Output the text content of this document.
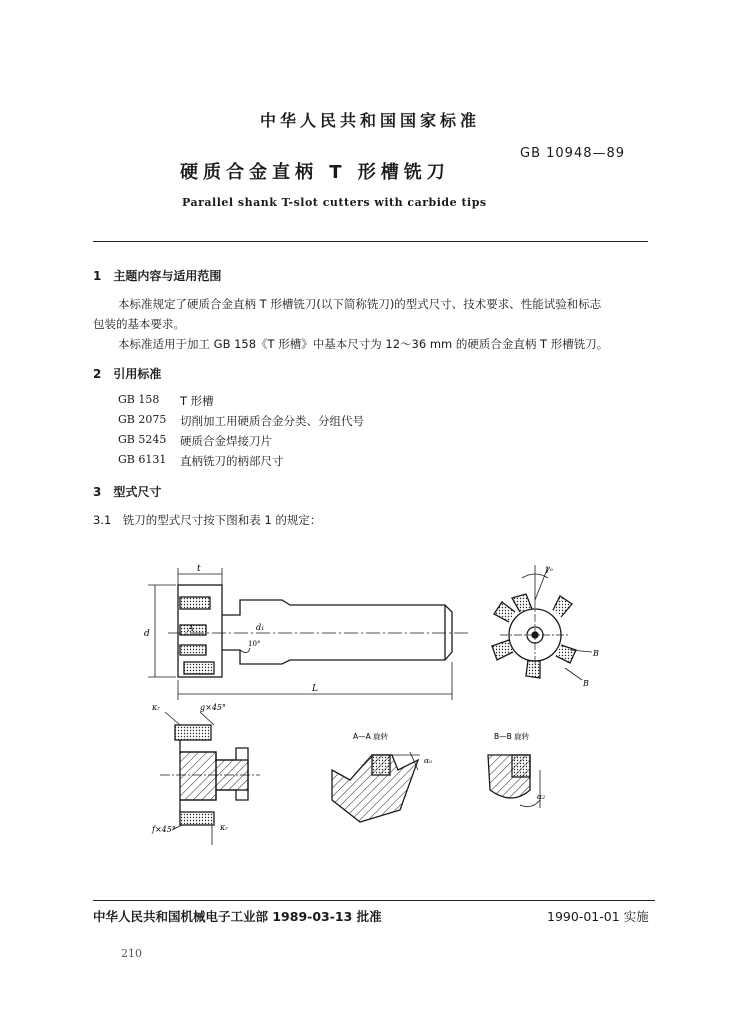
中华人民共和国国家标准
GB 10948—89
硬质合金直柄 T 形槽铣刀
Parallel shank T-slot cutters with carbide tips
1　主题内容与适用范围
本标准规定了硬质合金直柄 T 形槽铣刀(以下简称铣刀)的型式尺寸、技术要求、性能试验和标志
包装的基本要求。
本标准适用于加工 GB 158《T 形槽》中基本尺寸为 12～36 mm 的硬质合金直柄 T 形槽铣刀。
2　引用标准
GB 158 T 形槽
GB 2075 切削加工用硬质合金分类、分组代号
GB 5245 硬质合金焊接刀片
GB 6131 直柄铣刀的柄部尺寸
3　型式尺寸
3.1　铣刀的型式尺寸按下图和表 1 的规定：
t
d
d₁
A
10°
L
γₒ
B
B
κᵣ	g×45°
f×45°	κᵣ
A—A 旋转
αₒ
B—B 旋转
α₂
中华人民共和国机械电子工业部 1989-03-13 批准	1990-01-01 实施
210
